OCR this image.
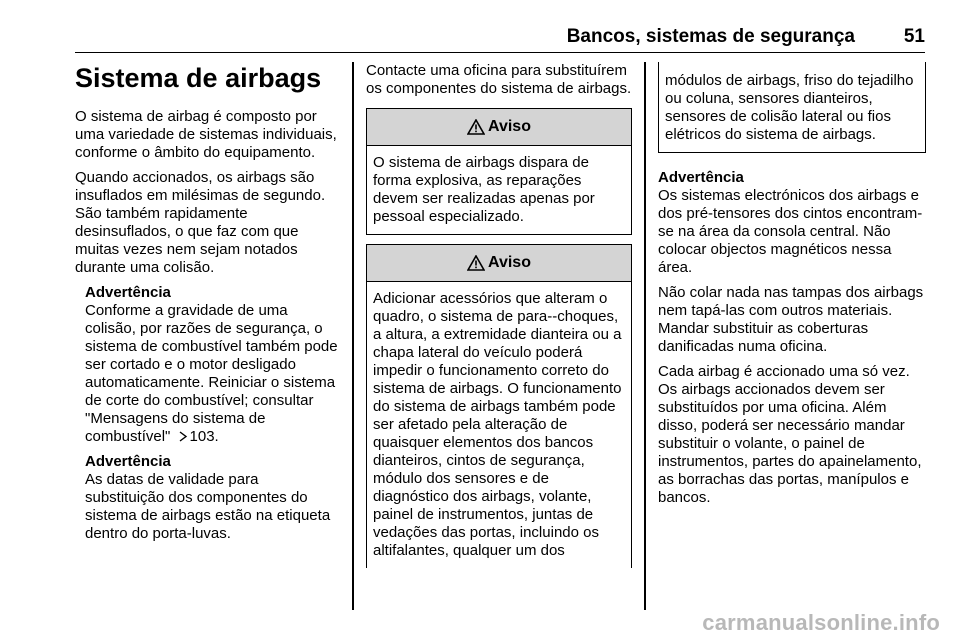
Bancos, sistemas de segurança	51
Sistema de airbags

O sistema de airbag é composto por uma variedade de sistemas individuais, conforme o âmbito do equipamento.

Quando accionados, os airbags são insuflados em milésimas de segundo. São também rapidamente desinsuflados, o que faz com que muitas vezes nem sejam notados durante uma colisão.

Advertência
Conforme a gravidade de uma colisão, por razões de segurança, o sistema de combustível também pode ser cortado e o motor desligado automaticamente. Reiniciar o sistema de corte do combustível; consultar "Mensagens do sistema de combustível" 103.

Advertência
As datas de validade para substituição dos componentes do sistema de airbags estão na etiqueta dentro do porta-luvas.

Contacte uma oficina para substituírem os componentes do sistema de airbags.

Aviso
O sistema de airbags dispara de forma explosiva, as reparações devem ser realizadas apenas por pessoal especializado.
Aviso
Adicionar acessórios que alteram o quadro, o sistema de para--choques, a altura, a extremidade dianteira ou a chapa lateral do veículo poderá impedir o funcionamento correto do sistema de airbags. O funcionamento do sistema de airbags também pode ser afetado pela alteração de quaisquer elementos dos bancos dianteiros, cintos de segurança, módulo dos sensores e de diagnóstico dos airbags, volante, painel de instrumentos, juntas de vedações das portas, incluindo os altifalantes, qualquer um dos
módulos de airbags, friso do tejadilho ou coluna, sensores dianteiros, sensores de colisão lateral ou fios elétricos do sistema de airbags.

Advertência
Os sistemas electrónicos dos airbags e dos pré-tensores dos cintos encontram-se na área da consola central. Não colocar objectos magnéticos nessa área.

Não colar nada nas tampas dos airbags nem tapá-las com outros materiais. Mandar substituir as coberturas danificadas numa oficina.

Cada airbag é accionado uma só vez. Os airbags accionados devem ser substituídos por uma oficina. Além disso, poderá ser necessário mandar substituir o volante, o painel de instrumentos, partes do apainelamento, as borrachas das portas, manípulos e bancos.

carmanualsonline.info
